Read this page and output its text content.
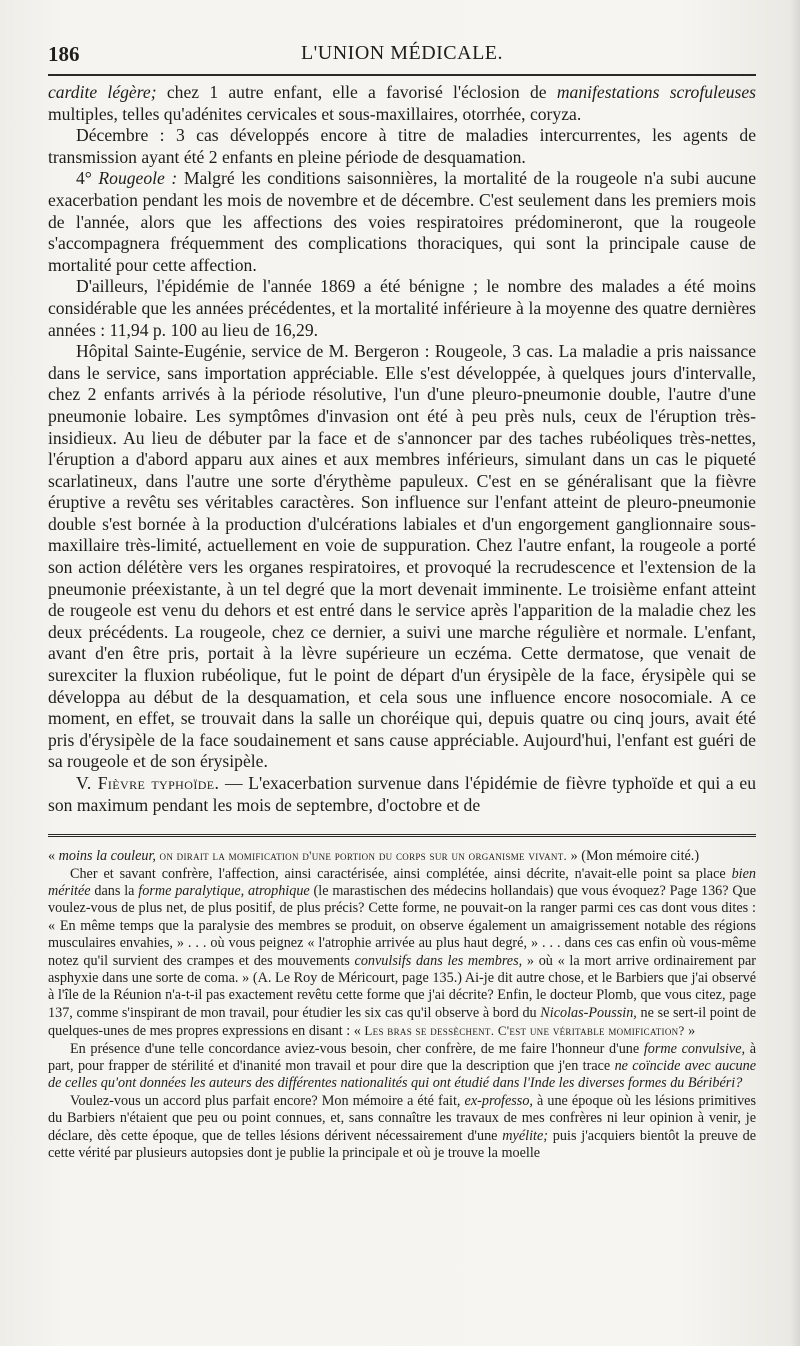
186	L'UNION MÉDICALE.

cardite légère; chez 1 autre enfant, elle a favorisé l'éclosion de manifestations scrofuleuses multiples, telles qu'adénites cervicales et sous-maxillaires, otorrhée, coryza.

Décembre : 3 cas développés encore à titre de maladies intercurrentes, les agents de transmission ayant été 2 enfants en pleine période de desquamation.

4° Rougeole : Malgré les conditions saisonnières, la mortalité de la rougeole n'a subi aucune exacerbation pendant les mois de novembre et de décembre. C'est seulement dans les premiers mois de l'année, alors que les affections des voies respiratoires prédomineront, que la rougeole s'accompagnera fréquemment des complications thoraciques, qui sont la principale cause de mortalité pour cette affection.

D'ailleurs, l'épidémie de l'année 1869 a été bénigne ; le nombre des malades a été moins considérable que les années précédentes, et la mortalité inférieure à la moyenne des quatre dernières années : 11,94 p. 100 au lieu de 16,29.

Hôpital Sainte-Eugénie, service de M. Bergeron : Rougeole, 3 cas. La maladie a pris naissance dans le service, sans importation appréciable. Elle s'est développée, à quelques jours d'intervalle, chez 2 enfants arrivés à la période résolutive, l'un d'une pleuro-pneumonie double, l'autre d'une pneumonie lobaire. Les symptômes d'invasion ont été à peu près nuls, ceux de l'éruption très-insidieux. Au lieu de débuter par la face et de s'annoncer par des taches rubéoliques très-nettes, l'éruption a d'abord apparu aux aines et aux membres inférieurs, simulant dans un cas le piqueté scarlatineux, dans l'autre une sorte d'érythème papuleux. C'est en se généralisant que la fièvre éruptive a revêtu ses véritables caractères. Son influence sur l'enfant atteint de pleuro-pneumonie double s'est bornée à la production d'ulcérations labiales et d'un engorgement ganglionnaire sous-maxillaire très-limité, actuellement en voie de suppuration. Chez l'autre enfant, la rougeole a porté son action délétère vers les organes respiratoires, et provoqué la recrudescence et l'extension de la pneumonie préexistante, à un tel degré que la mort devenait imminente. Le troisième enfant atteint de rougeole est venu du dehors et est entré dans le service après l'apparition de la maladie chez les deux précédents. La rougeole, chez ce dernier, a suivi une marche régulière et normale. L'enfant, avant d'en être pris, portait à la lèvre supérieure un eczéma. Cette dermatose, que venait de surexciter la fluxion rubéolique, fut le point de départ d'un érysipèle de la face, érysipèle qui se développa au début de la desquamation, et cela sous une influence encore nosocomiale. A ce moment, en effet, se trouvait dans la salle un choréique qui, depuis quatre ou cinq jours, avait été pris d'érysipèle de la face soudainement et sans cause appréciable. Aujourd'hui, l'enfant est guéri de sa rougeole et de son érysipèle.

V. Fièvre typhoïde. — L'exacerbation survenue dans l'épidémie de fièvre typhoïde et qui a eu son maximum pendant les mois de septembre, d'octobre et de

« moins la couleur, on dirait la momification d'une portion du corps sur un organisme vivant. » (Mon mémoire cité.)

Cher et savant confrère, l'affection, ainsi caractérisée, ainsi complétée, ainsi décrite, n'avait-elle point sa place bien méritée dans la forme paralytique, atrophique (le marastischen des médecins hollandais) que vous évoquez? Page 136? Que voulez-vous de plus net, de plus positif, de plus précis? Cette forme, ne pouvait-on la ranger parmi ces cas dont vous dites : « En même temps que la paralysie des membres se produit, on observe également un amaigrissement notable des régions musculaires envahies, » . . . où vous peignez « l'atrophie arrivée au plus haut degré, » . . . dans ces cas enfin où vous-même notez qu'il survient des crampes et des mouvements convulsifs dans les membres, » où « la mort arrive ordinairement par asphyxie dans une sorte de coma. » (A. Le Roy de Méricourt, page 135.) Ai-je dit autre chose, et le Barbiers que j'ai observé à l'île de la Réunion n'a-t-il pas exactement revêtu cette forme que j'ai décrite? Enfin, le docteur Plomb, que vous citez, page 137, comme s'inspirant de mon travail, pour étudier les six cas qu'il observe à bord du Nicolas-Poussin, ne se sert-il point de quelques-unes de mes propres expressions en disant : « Les bras se dessèchent. C'est une véritable momification? »

En présence d'une telle concordance aviez-vous besoin, cher confrère, de me faire l'honneur d'une forme convulsive, à part, pour frapper de stérilité et d'inanité mon travail et pour dire que la description que j'en trace ne coïncide avec aucune de celles qu'ont données les auteurs des différentes nationalités qui ont étudié dans l'Inde les diverses formes du Béribéri?

Voulez-vous un accord plus parfait encore? Mon mémoire a été fait, ex-professo, à une époque où les lésions primitives du Barbiers n'étaient que peu ou point connues, et, sans connaître les travaux de mes confrères ni leur opinion à venir, je déclare, dès cette époque, que de telles lésions dérivent nécessairement d'une myélite; puis j'acquiers bientôt la preuve de cette vérité par plusieurs autopsies dont je publie la principale et où je trouve la moelle
